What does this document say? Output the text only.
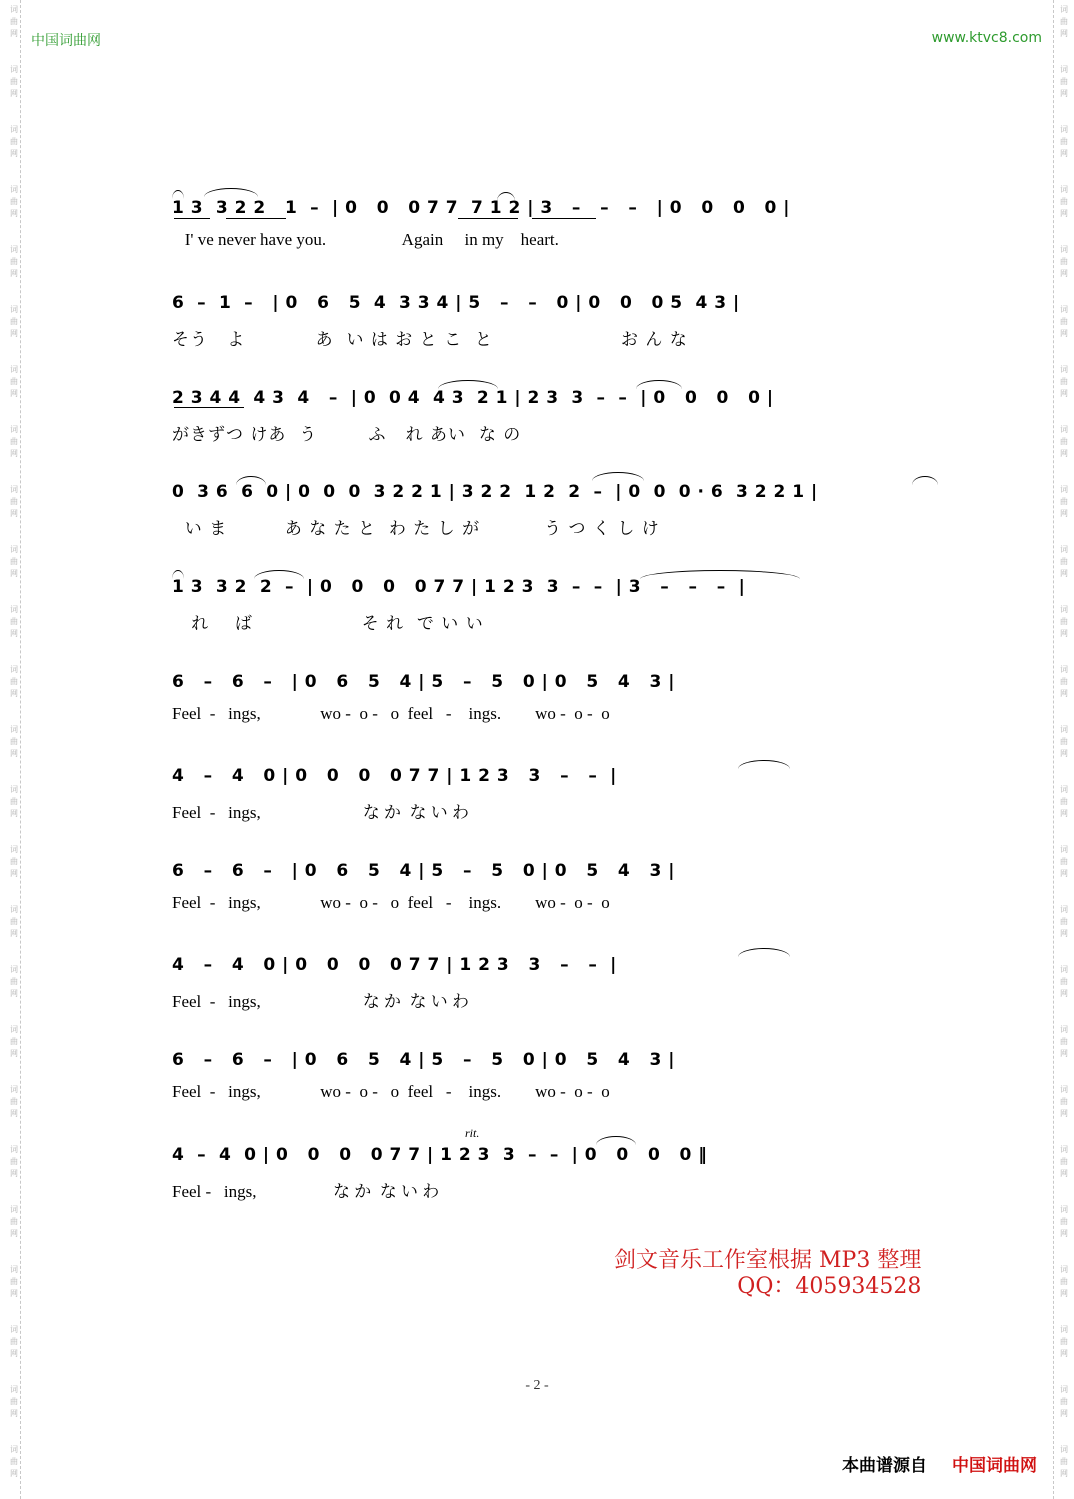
词
曲
网
词
曲
网
词
曲
网
词
曲
网
词
曲
网
词
曲
网
词
曲
网
词
曲
网
词
曲
网
词
曲
网
词
曲
网
词
曲
网
词
曲
网
词
曲
网
词
曲
网
词
曲
网
词
曲
网
词
曲
网
词
曲
网
词
曲
网
词
曲
网
词
曲
网
词
曲
网
词
曲
网
词
曲
网
词
曲
网
词
曲
网
词
曲
网
词
曲
网
词
曲
网
词
曲
网
词
曲
网
词
曲
网
词
曲
网
词
曲
网
词
曲
网
词
曲
网
词
曲
网
词
曲
网
词
曲
网
词
曲
网
词
曲
网
词
曲
网
词
曲
网
词
曲
网
词
曲
网
词
曲
网
词
曲
网
词
曲
网
词
曲
网
中国词曲网	www.ktvc8.com
1 3  3 2 2   1  –  | 0   0   0 7 7  7 1 2 | 3   –   –   –   | 0   0   0   0 |
I' ve never have you.                  Again     in my    heart.
6  –  1  –   | 0   6   5  4  3 3 4 | 5   –   –   0 | 0   0   0 5  4 3 |
そう   よ           あ  い は お と こ  と                    お ん な
2 3 4 4  4 3  4   –  | 0  0 4  4 3  2 1 | 2 3  3  –  –  | 0   0   0   0 |
がきずつ けあ  う        ふ   れ あい  な の
0  3 6  6  0 | 0  0  0  3 2 2 1 | 3 2 2  1 2  2  –  | 0  0  0 · 6  3 2 2 1 |
い ま         あ な た と  わ た し が          う つ く し け
1 3  3 2  2  –  | 0   0   0   0 7 7 | 1 2 3  3  –  –  | 3   –   –   –  |
れ    ば                 そ れ  で い い
6   –   6   –   | 0   6   5   4 | 5   –   5   0 | 0   5   4   3 |
Feel  -   ings,              wo -  o -   o  feel   -    ings.        wo -  o -  o
4   –   4   0 | 0   0   0   0 7 7 | 1 2 3   3   –   –  |
Feel  -   ings,                        な か  な い わ
6   –   6   –   | 0   6   5   4 | 5   –   5   0 | 0   5   4   3 |
Feel  -   ings,              wo -  o -   o  feel   -    ings.        wo -  o -  o
4   –   4   0 | 0   0   0   0 7 7 | 1 2 3   3   –   –  |
Feel  -   ings,                        な か  な い わ
6   –   6   –   | 0   6   5   4 | 5   –   5   0 | 0   5   4   3 |
Feel  -   ings,              wo -  o -   o  feel   -    ings.        wo -  o -  o
4  –  4  0 | 0   0   0   0 7 7 | 1 2 3  3  –  –  | 0   0   0   0 ‖
Feel -   ings,                  な か  な い わ
rit.
剑文音乐工作室根据 MP3 整理
QQ：405934528
- 2 -
本曲谱源自 中国词曲网
